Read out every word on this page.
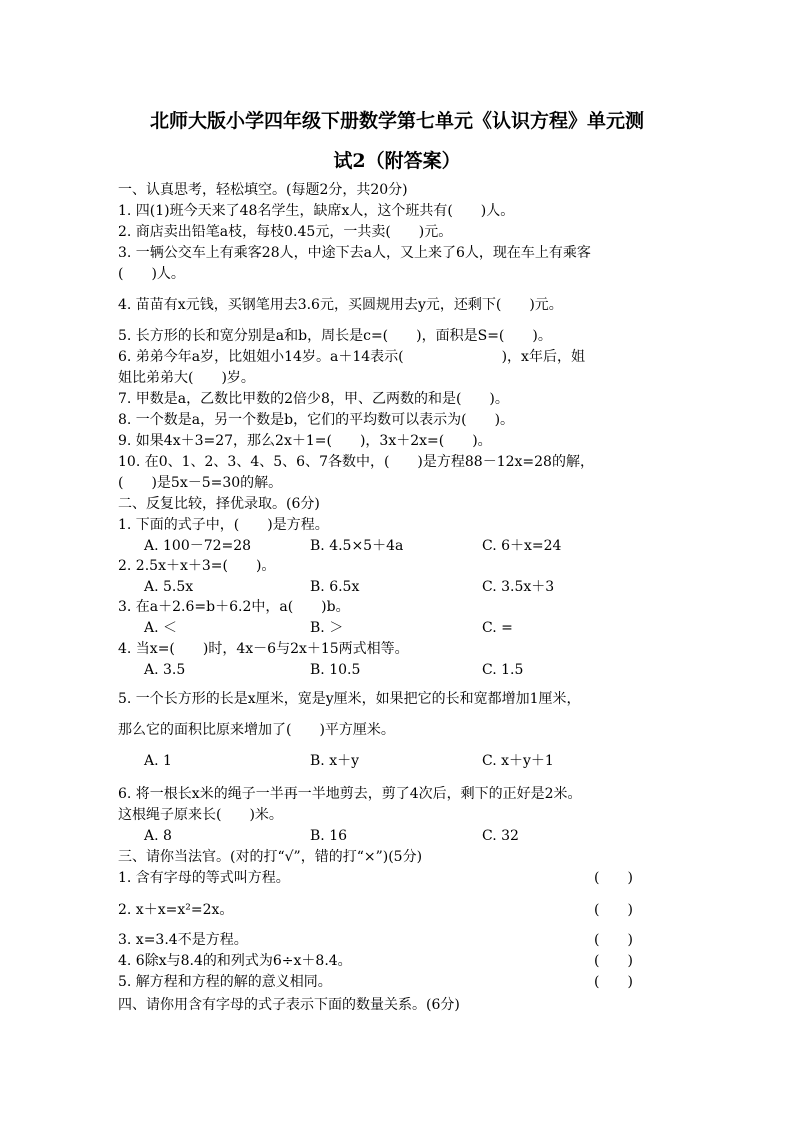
北师大版小学四年级下册数学第七单元《认识方程》单元测
试2（附答案）
一、认真思考，轻松填空。(每题2分，共20分)
1. 四(1)班今天来了48名学生，缺席x人，这个班共有(　　)人。
2. 商店卖出铅笔a枝，每枝0.45元，一共卖(　　)元。
3. 一辆公交车上有乘客28人，中途下去a人，又上来了6人，现在车上有乘客
(　　)人。
4. 苗苗有x元钱，买钢笔用去3.6元，买圆规用去y元，还剩下(　　)元。
5. 长方形的长和宽分别是a和b，周长是c=(　　)，面积是S=(　　)。
6. 弟弟今年a岁，比姐姐小14岁。a＋14表示(　　　　　　　)，x年后，姐
姐比弟弟大(　　)岁。
7. 甲数是a，乙数比甲数的2倍少8，甲、乙两数的和是(　　)。
8. 一个数是a，另一个数是b，它们的平均数可以表示为(　　)。
9. 如果4x＋3=27，那么2x＋1=(　　)，3x＋2x=(　　)。
10. 在0、1、2、3、4、5、6、7各数中，(　　)是方程88－12x=28的解，
(　　)是5x－5=30的解。
二、反复比较，择优录取。(6分)
1. 下面的式子中，(　　)是方程。
A. 100－72=28	B. 4.5×5＋4a	C. 6＋x=24
2. 2.5x＋x＋3=(　　)。
A. 5.5x	B. 6.5x	C. 3.5x＋3
3. 在a＋2.6=b＋6.2中，a(　　)b。
A. ＜	B. ＞	C. =
4. 当x=(　　)时，4x－6与2x＋15两式相等。
A. 3.5	B. 10.5	C. 1.5
5. 一个长方形的长是x厘米，宽是y厘米，如果把它的长和宽都增加1厘米，
那么它的面积比原来增加了(　　)平方厘米。
A. 1	B. x＋y	C. x＋y＋1
6. 将一根长x米的绳子一半再一半地剪去，剪了4次后，剩下的正好是2米。
这根绳子原来长(　　)米。
A. 8	B. 16	C. 32
三、请你当法官。(对的打“√”，错的打“×”)(5分)
1. 含有字母的等式叫方程。	(　　)
2. x＋x=x²=2x。	(　　)
3. x=3.4不是方程。	(　　)
4. 6除x与8.4的和列式为6÷x＋8.4。	(　　)
5. 解方程和方程的解的意义相同。	(　　)
四、请你用含有字母的式子表示下面的数量关系。(6分)
